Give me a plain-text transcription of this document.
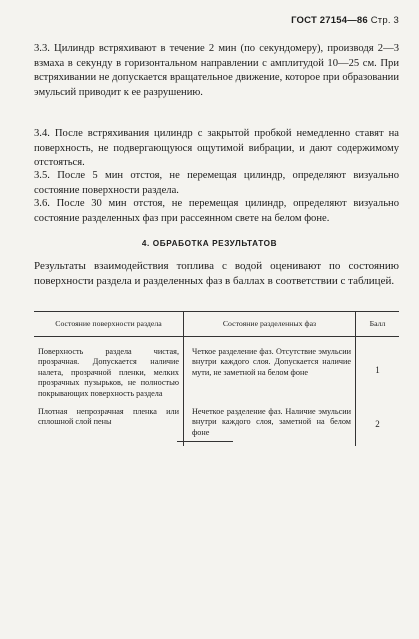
ГОСТ 27154—86 Стр. 3

3.3. Цилиндр встряхивают в течение 2 мин (по секундомеру), производя 2—3 взмаха в секунду в горизонтальном направлении с амплитудой 10—25 см. При встряхивании не допускается вращательное движение, которое при образовании эмульсий приводит к ее разрушению.

3.4. После встряхивания цилиндр с закрытой пробкой немедленно ставят на поверхность, не подвергающуюся ощутимой вибрации, и дают содержимому отстояться.

3.5. После 5 мин отстоя, не перемещая цилиндр, определяют визуально состояние поверхности раздела.

3.6. После 30 мин отстоя, не перемещая цилиндр, определяют визуально состояние разделенных фаз при рассеянном свете на белом фоне.

4. ОБРАБОТКА РЕЗУЛЬТАТОВ

Результаты взаимодействия топлива с водой оценивают по состоянию поверхности раздела и разделенных фаз в баллах в соответствии с таблицей.

Состояние поверхности раздела	Состояние разделенных фаз	Балл
Поверхность раздела чистая, прозрачная. Допускается наличие налета, прозрачной пленки, мелких прозрачных пузырьков, не полностью покрывающих поверхность раздела	Четкое разделение фаз. Отсутствие эмульсии внутри каждого слоя. Допускается наличие мути, не заметной на белом фоне	1
Плотная непрозрачная пленка или сплошной слой пены	Нечеткое разделение фаз. Наличие эмульсии внутри каждого слоя, заметной на белом фоне	2
